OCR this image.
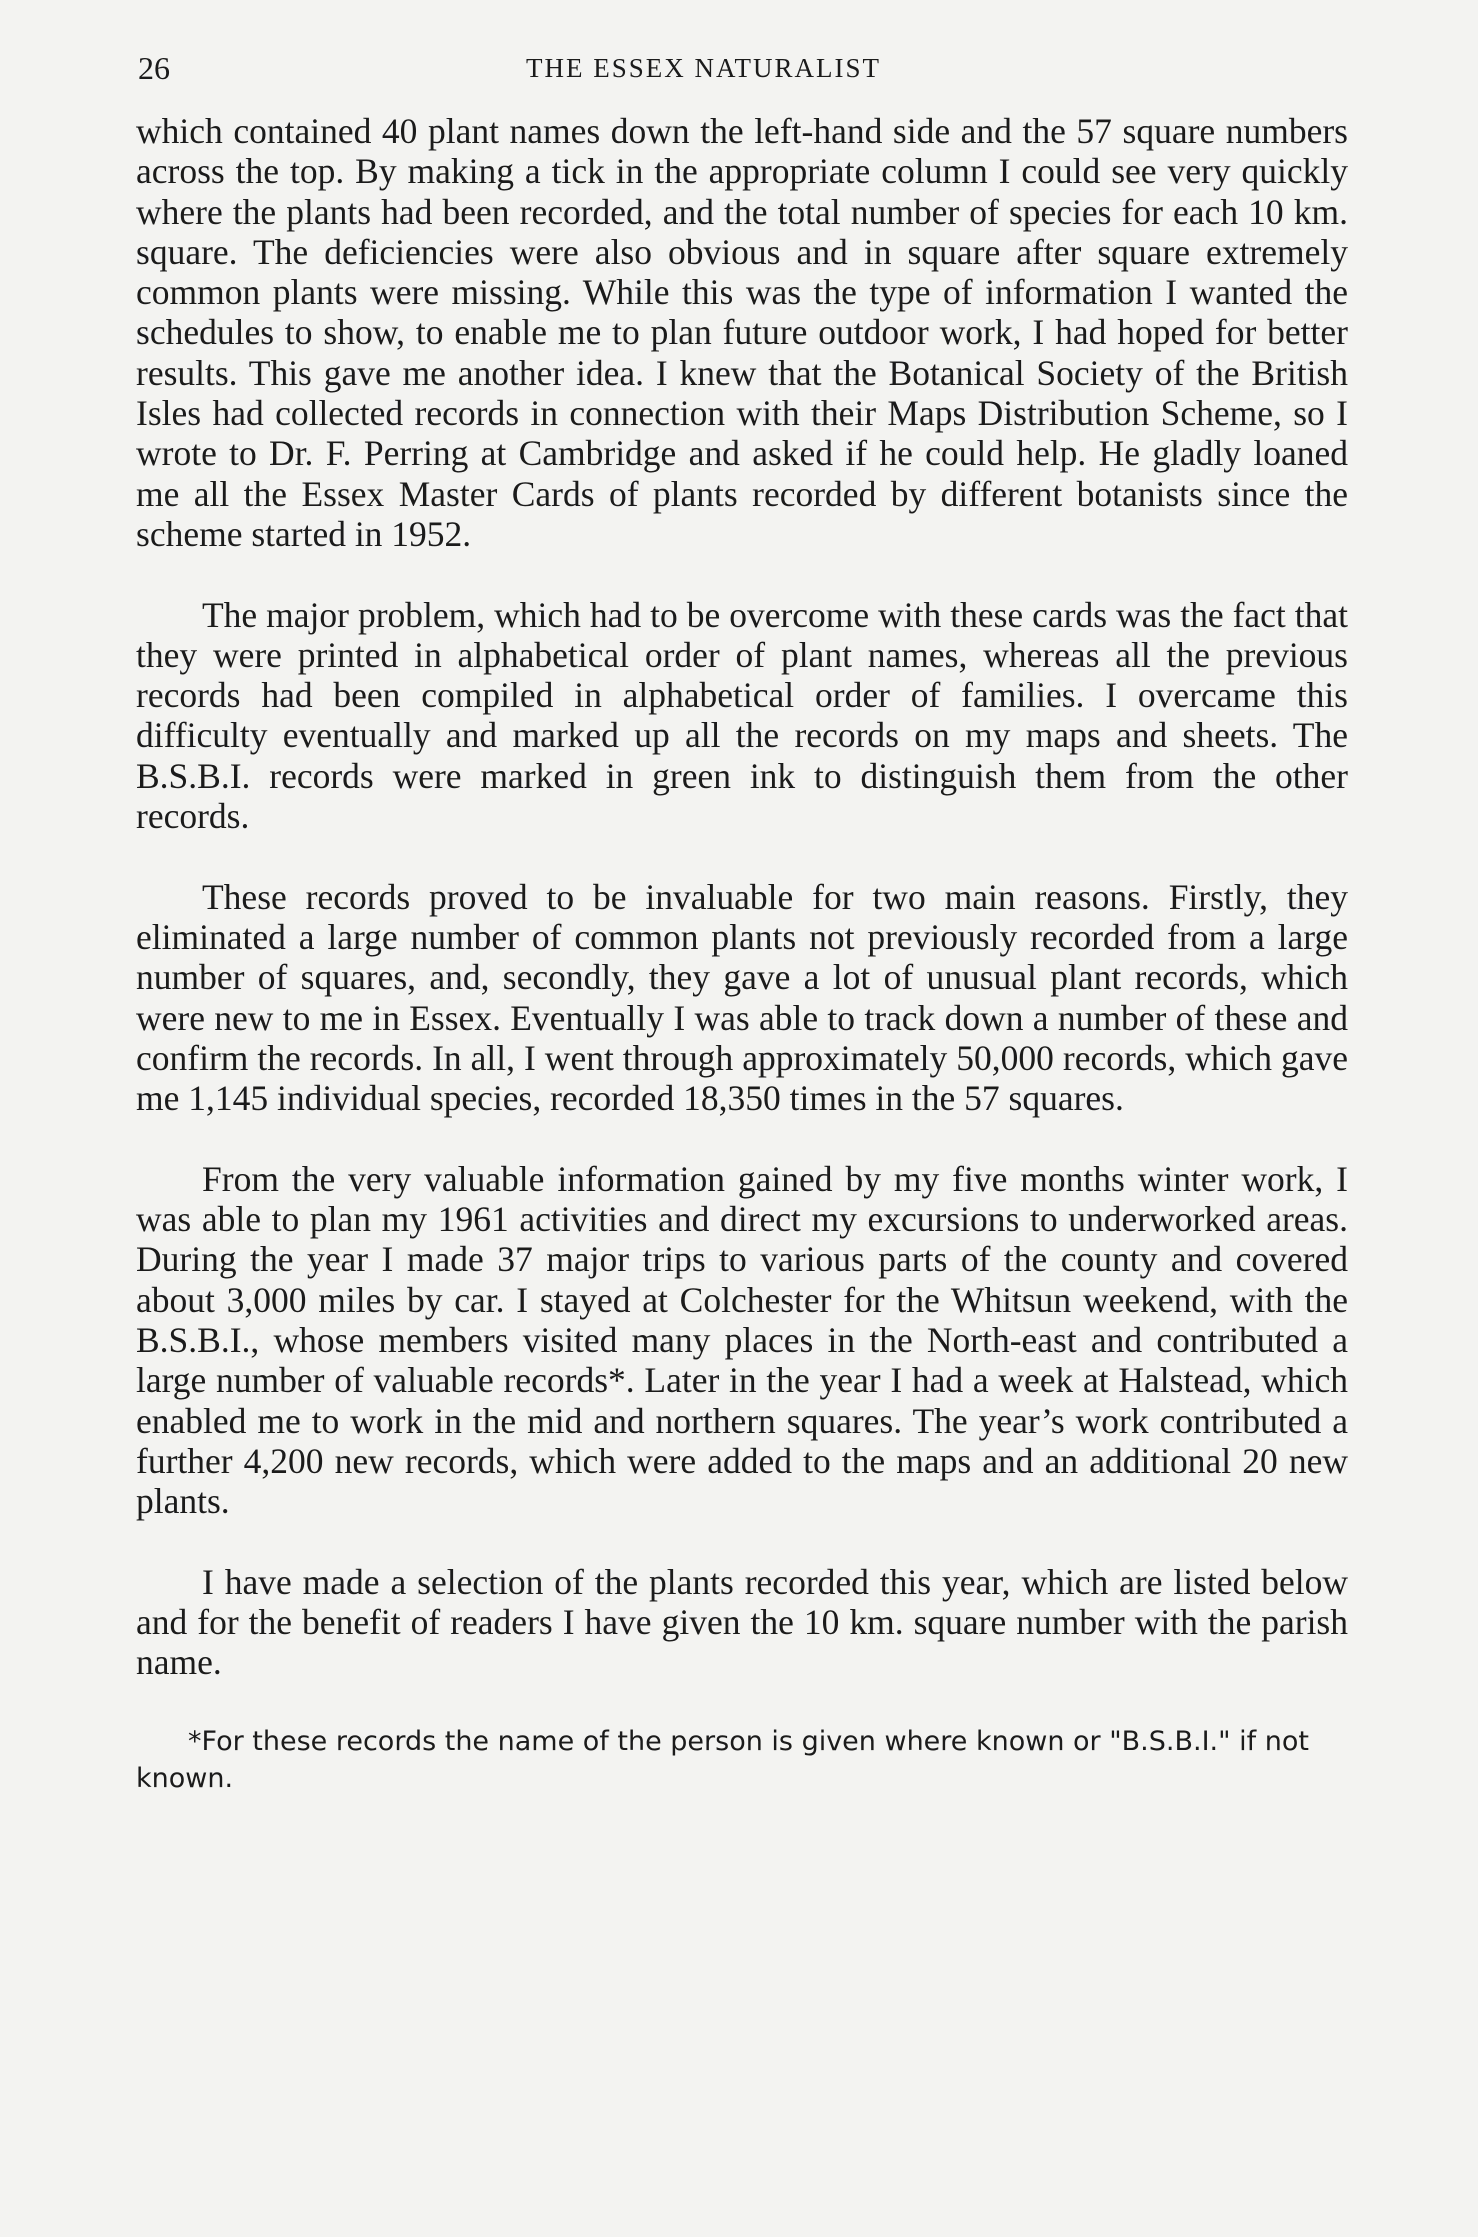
26	THE ESSEX NATURALIST

which contained 40 plant names down the left-hand side and the 57 square numbers across the top. By making a tick in the appropriate column I could see very quickly where the plants had been recorded, and the total number of species for each 10 km. square. The deficiencies were also obvious and in square after square extremely common plants were missing. While this was the type of information I wanted the schedules to show, to enable me to plan future outdoor work, I had hoped for better results. This gave me another idea. I knew that the Botanical Society of the British Isles had collected records in connection with their Maps Distribution Scheme, so I wrote to Dr. F. Perring at Cambridge and asked if he could help. He gladly loaned me all the Essex Master Cards of plants recorded by different botanists since the scheme started in 1952.

The major problem, which had to be overcome with these cards was the fact that they were printed in alphabetical order of plant names, whereas all the previous records had been compiled in alphabetical order of families. I overcame this difficulty eventually and marked up all the records on my maps and sheets. The B.S.B.I. records were marked in green ink to distinguish them from the other records.

These records proved to be invaluable for two main reasons. Firstly, they eliminated a large number of common plants not previously recorded from a large number of squares, and, secondly, they gave a lot of unusual plant records, which were new to me in Essex. Eventually I was able to track down a number of these and confirm the records. In all, I went through approximately 50,000 records, which gave me 1,145 individual species, recorded 18,350 times in the 57 squares.

From the very valuable information gained by my five months winter work, I was able to plan my 1961 activities and direct my excursions to underworked areas. During the year I made 37 major trips to various parts of the county and covered about 3,000 miles by car. I stayed at Colchester for the Whitsun weekend, with the B.S.B.I., whose members visited many places in the North-east and contributed a large number of valuable records*. Later in the year I had a week at Halstead, which enabled me to work in the mid and northern squares. The year’s work contributed a further 4,200 new records, which were added to the maps and an additional 20 new plants.

I have made a selection of the plants recorded this year, which are listed below and for the benefit of readers I have given the 10 km. square number with the parish name.

*For these records the name of the person is given where known or "B.S.B.I." if not known.
